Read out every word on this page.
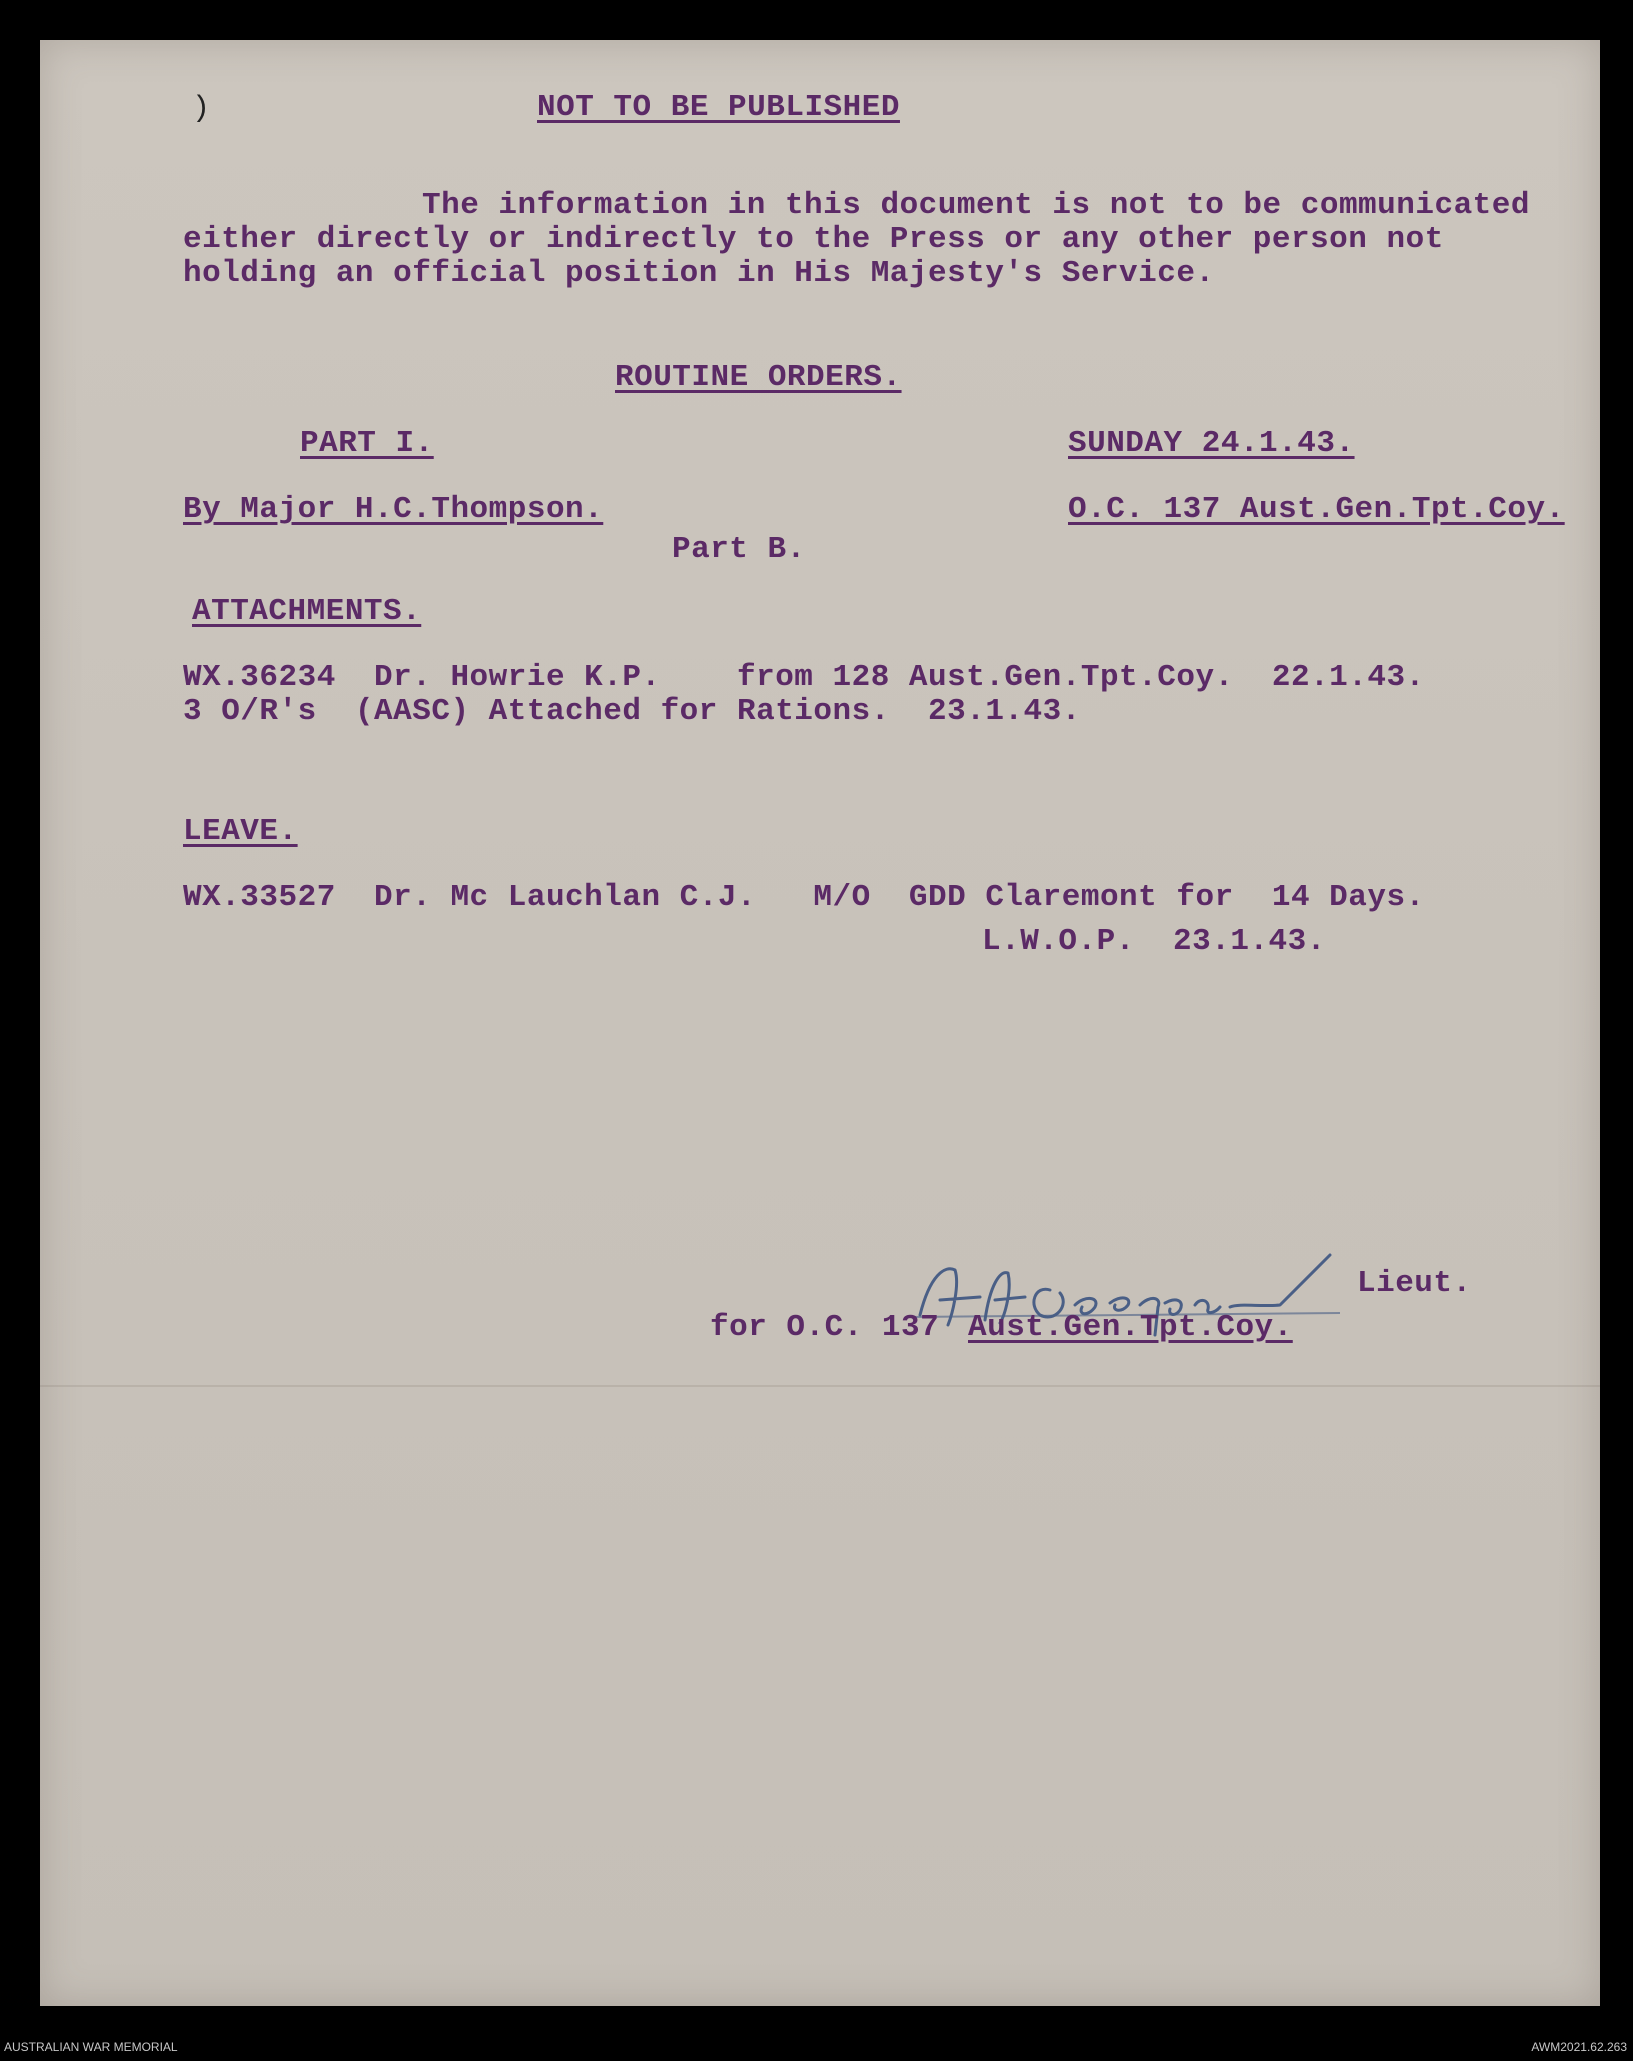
)	NOT TO BE PUBLISHED
The information in this document is not to be communicated
either directly or indirectly to the Press or any other person not
holding an official position in His Majesty's Service.
ROUTINE ORDERS.
PART I.	SUNDAY 24.1.43.
By Major H.C.Thompson.	O.C. 137 Aust.Gen.Tpt.Coy.
Part B.
ATTACHMENTS.
WX.36234  Dr. Howrie K.P.    from 128 Aust.Gen.Tpt.Coy.  22.1.43.
3 O/R's  (AASC) Attached for Rations.  23.1.43.
LEAVE.
WX.33527  Dr. Mc Lauchlan C.J.   M/O  GDD Claremont for  14 Days.
L.W.O.P.  23.1.43.
Lieut.
for O.C. 137 Aust.Gen.Tpt.Coy.
AUSTRALIAN WAR MEMORIAL	AWM2021.62.263
